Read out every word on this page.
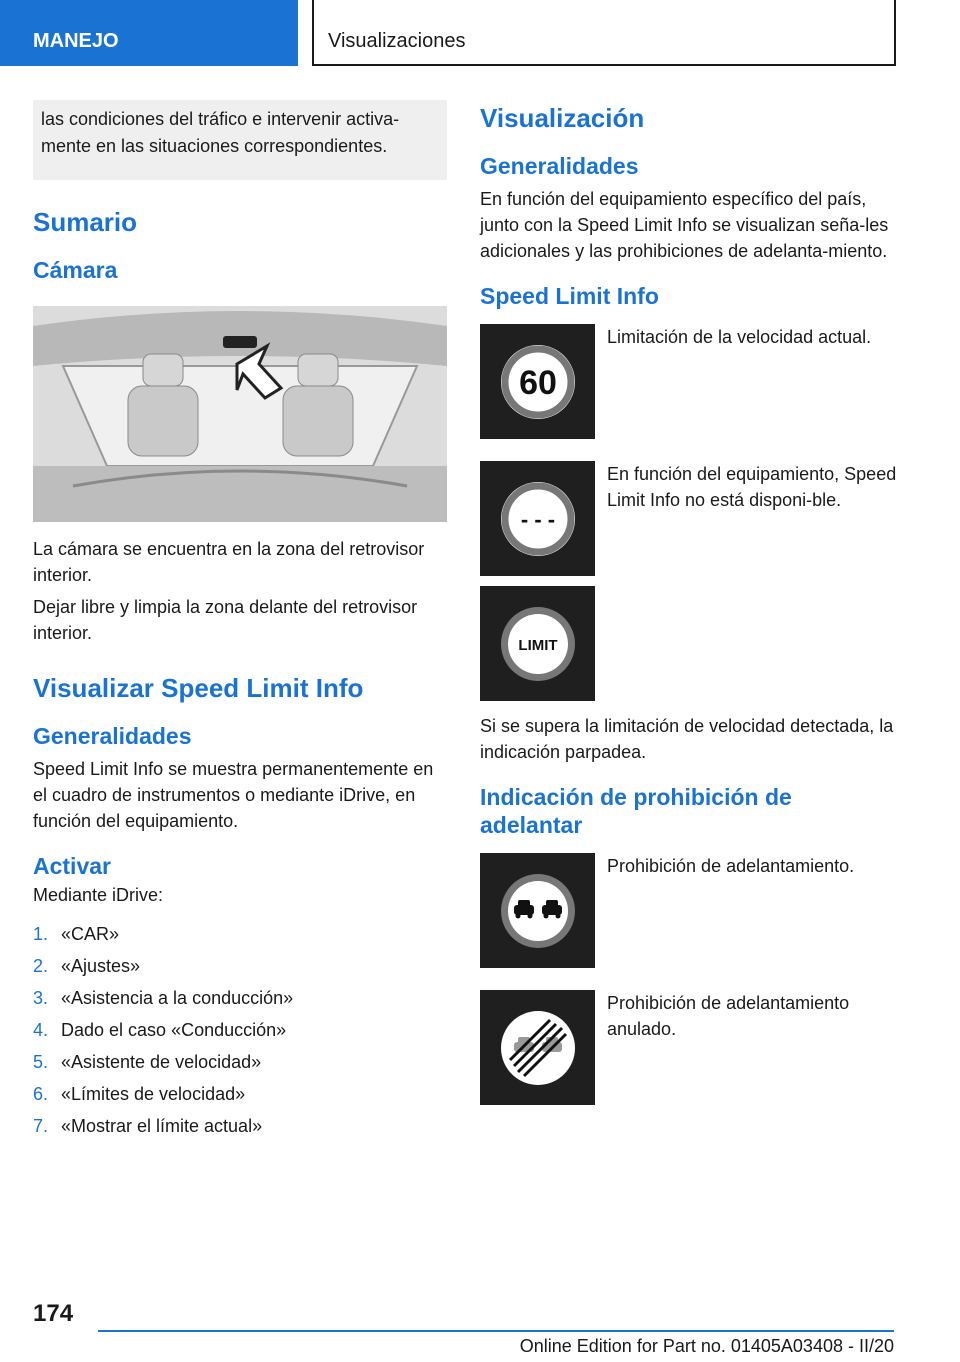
MANEJO	Visualizaciones
las condiciones del tráfico e intervenir activa-mente en las situaciones correspondientes.
Sumario
Cámara

La cámara se encuentra en la zona del retrovisor interior.

Dejar libre y limpia la zona delante del retrovisor interior.

Visualizar Speed Limit Info
Generalidades

Speed Limit Info se muestra permanentemente en el cuadro de instrumentos o mediante iDrive, en función del equipamiento.

Activar

Mediante iDrive:

1. «CAR»
2. «Ajustes»
3. «Asistencia a la conducción»
4. Dado el caso «Conducción»
5. «Asistente de velocidad»
6. «Límites de velocidad»
7. «Mostrar el límite actual»
Visualización
Generalidades

En función del equipamiento específico del país, junto con la Speed Limit Info se visualizan seña-les adicionales y las prohibiciones de adelanta-miento.

Speed Limit Info
60

Limitación de la velocidad actual.

- - -

En función del equipamiento, Speed Limit Info no está disponi-ble.

LIMIT

Si se supera la limitación de velocidad detectada, la indicación parpadea.

Indicación de prohibición de adelantar

Prohibición de adelantamiento.

Prohibición de adelantamiento anulado.

174
Online Edition for Part no. 01405A03408 - II/20
